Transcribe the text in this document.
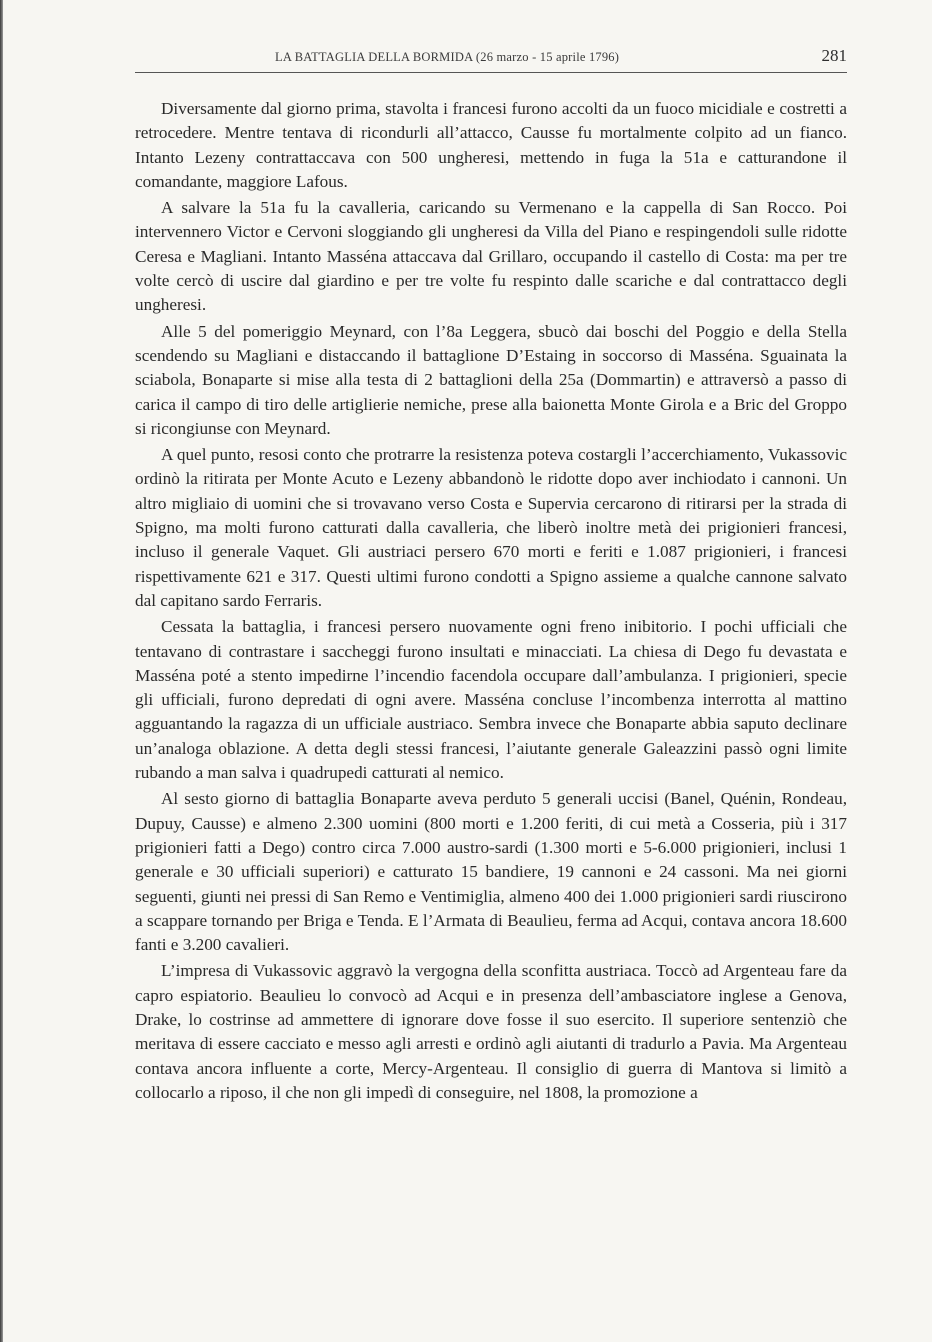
LA BATTAGLIA DELLA BORMIDA (26 marzo - 15 aprile 1796)	281

Diversamente dal giorno prima, stavolta i francesi furono accolti da un fuoco micidiale e costretti a retrocedere. Mentre tentava di ricondurli all’attacco, Causse fu mortalmente colpito ad un fianco. Intanto Lezeny contrattaccava con 500 ungheresi, mettendo in fuga la 51a e catturandone il comandante, maggiore Lafous.

A salvare la 51a fu la cavalleria, caricando su Vermenano e la cappella di San Rocco. Poi intervennero Victor e Cervoni sloggiando gli ungheresi da Villa del Piano e respingendoli sulle ridotte Ceresa e Magliani. Intanto Masséna attaccava dal Grillaro, occupando il castello di Costa: ma per tre volte cercò di uscire dal giardino e per tre volte fu respinto dalle scariche e dal contrattacco degli ungheresi.

Alle 5 del pomeriggio Meynard, con l’8a Leggera, sbucò dai boschi del Poggio e della Stella scendendo su Magliani e distaccando il battaglione D’Estaing in soccorso di Masséna. Sguainata la sciabola, Bonaparte si mise alla testa di 2 battaglioni della 25a (Dommartin) e attraversò a passo di carica il campo di tiro delle artiglierie nemiche, prese alla baionetta Monte Girola e a Bric del Groppo si ricongiunse con Meynard.

A quel punto, resosi conto che protrarre la resistenza poteva costargli l’accerchiamento, Vukassovic ordinò la ritirata per Monte Acuto e Lezeny abbandonò le ridotte dopo aver inchiodato i cannoni. Un altro migliaio di uomini che si trovavano verso Costa e Supervia cercarono di ritirarsi per la strada di Spigno, ma molti furono catturati dalla cavalleria, che liberò inoltre metà dei prigionieri francesi, incluso il generale Vaquet. Gli austriaci persero 670 morti e feriti e 1.087 prigionieri, i francesi rispettivamente 621 e 317. Questi ultimi furono condotti a Spigno assieme a qualche cannone salvato dal capitano sardo Ferraris.

Cessata la battaglia, i francesi persero nuovamente ogni freno inibitorio. I pochi ufficiali che tentavano di contrastare i saccheggi furono insultati e minacciati. La chiesa di Dego fu devastata e Masséna poté a stento impedirne l’incendio facendola occupare dall’ambulanza. I prigionieri, specie gli ufficiali, furono depredati di ogni avere. Masséna concluse l’incombenza interrotta al mattino agguantando la ragazza di un ufficiale austriaco. Sembra invece che Bonaparte abbia saputo declinare un’analoga oblazione. A detta degli stessi francesi, l’aiutante generale Galeazzini passò ogni limite rubando a man salva i quadrupedi catturati al nemico.

Al sesto giorno di battaglia Bonaparte aveva perduto 5 generali uccisi (Banel, Quénin, Rondeau, Dupuy, Causse) e almeno 2.300 uomini (800 morti e 1.200 feriti, di cui metà a Cosseria, più i 317 prigionieri fatti a Dego) contro circa 7.000 austro-sardi (1.300 morti e 5-6.000 prigionieri, inclusi 1 generale e 30 ufficiali superiori) e catturato 15 bandiere, 19 cannoni e 24 cassoni. Ma nei giorni seguenti, giunti nei pressi di San Remo e Ventimiglia, almeno 400 dei 1.000 prigionieri sardi riuscirono a scappare tornando per Briga e Tenda. E l’Armata di Beaulieu, ferma ad Acqui, contava ancora 18.600 fanti e 3.200 cavalieri.

L’impresa di Vukassovic aggravò la vergogna della sconfitta austriaca. Toccò ad Argenteau fare da capro espiatorio. Beaulieu lo convocò ad Acqui e in presenza dell’ambasciatore inglese a Genova, Drake, lo costrinse ad ammettere di ignorare dove fosse il suo esercito. Il superiore sentenziò che meritava di essere cacciato e messo agli arresti e ordinò agli aiutanti di tradurlo a Pavia. Ma Argenteau contava ancora influente a corte, Mercy-Argenteau. Il consiglio di guerra di Mantova si limitò a collocarlo a riposo, il che non gli impedì di conseguire, nel 1808, la promozione a
